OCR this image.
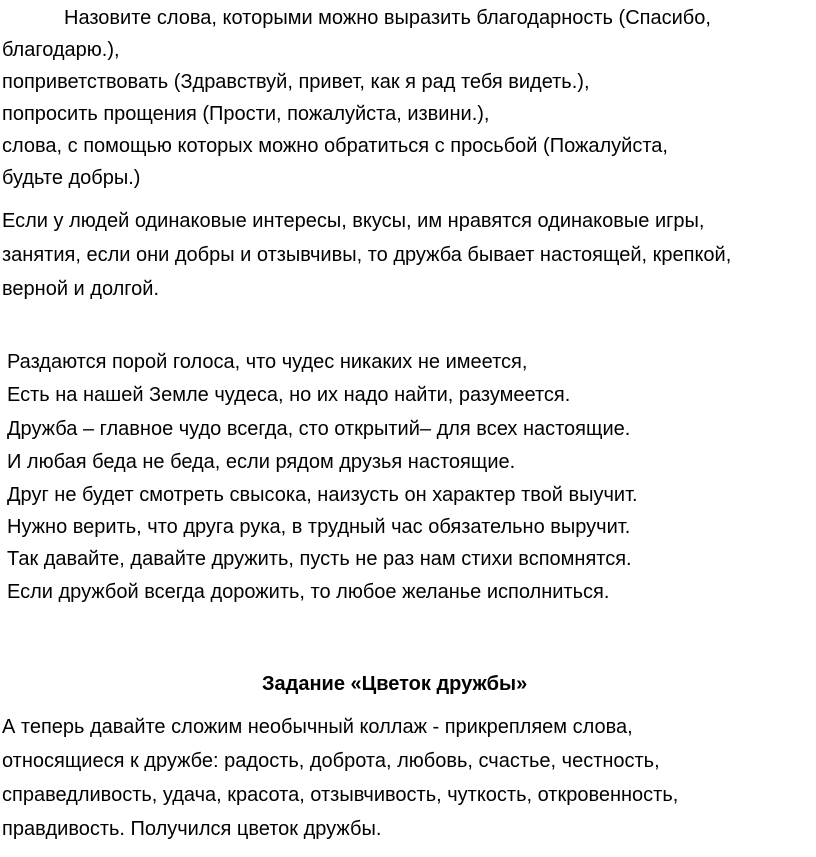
Назовите слова, которыми можно выразить благодарность (Спасибо,
благодарю.),
поприветствовать (Здравствуй, привет, как я рад тебя видеть.),
попросить прощения (Прости, пожалуйста, извини.),
слова, с помощью которых можно обратиться с просьбой (Пожалуйста,
будьте добры.)
Если у людей одинаковые интересы, вкусы, им нравятся одинаковые игры,
занятия, если они добры и отзывчивы, то дружба бывает настоящей, крепкой,
верной и долгой.
Раздаются порой голоса, что чудес никаких не имеется,
Есть на нашей Земле чудеса, но их надо найти, разумеется.
Дружба – главное чудо всегда, сто открытий– для всех настоящие.
И любая беда не беда, если рядом друзья настоящие.
Друг не будет смотреть свысока, наизусть он характер твой выучит.
Нужно верить, что друга рука, в трудный час обязательно выручит.
Так давайте, давайте дружить, пусть не раз нам стихи вспомнятся.
Если дружбой всегда дорожить, то любое желанье исполниться.
Задание «Цветок дружбы»
А теперь давайте сложим необычный коллаж - прикрепляем слова,
относящиеся к дружбе: радость, доброта, любовь, счастье, честность,
справедливость, удача, красота, отзывчивость, чуткость, откровенность,
правдивость. Получился цветок дружбы.
